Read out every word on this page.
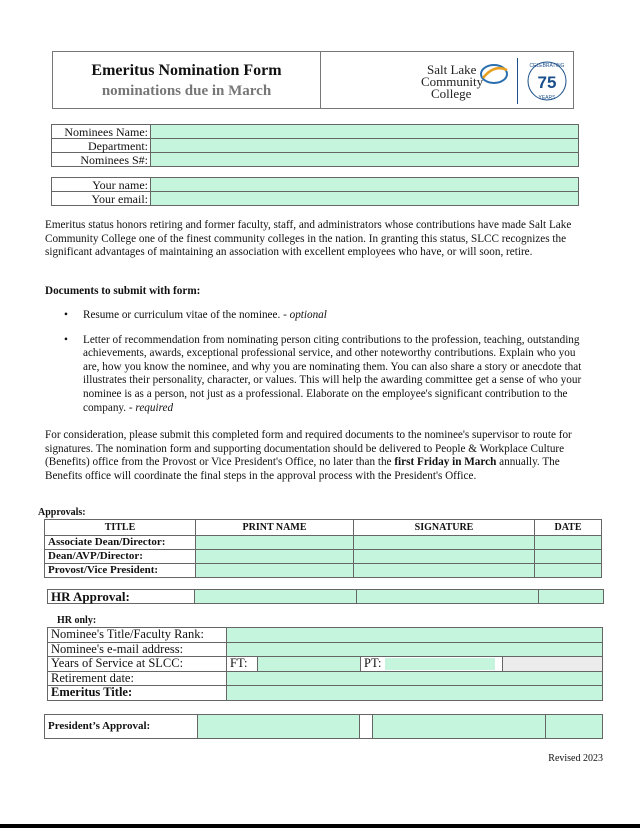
Emeritus Nomination Form
nominations due in March
Salt Lake
Community
College
CELEBRATING
75
YEARS
Nominees Name:	
Department:	
Nominees S#:	
Your name:	
Your email:	

Emeritus status honors retiring and former faculty, staff, and administrators whose contributions have made Salt Lake Community College one of the finest community colleges in the nation. In granting this status, SLCC recognizes the significant advantages of maintaining an association with excellent employees who have, or will soon, retire.

Documents to submit with form:

• Resume or curriculum vitae of the nominee. - optional
• Letter of recommendation from nominating person citing contributions to the profession, teaching, outstanding achievements, awards, exceptional professional service, and other noteworthy contributions. Explain who you are, how you know the nominee, and why you are nominating them. You can also share a story or anecdote that illustrates their personality, character, or values. This will help the awarding committee get a sense of who your nominee is as a person, not just as a professional. Elaborate on the employee's significant contribution to the company. - required

For consideration, please submit this completed form and required documents to the nominee's supervisor to route for signatures. The nomination form and supporting documentation should be delivered to People & Workplace Culture (Benefits) office from the Provost or Vice President's Office, no later than the first Friday in March annually. The Benefits office will coordinate the final steps in the approval process with the President's Office.

Approvals:
TITLE	PRINT NAME	SIGNATURE	DATE
Associate Dean/Director:			
Dean/AVP/Director:			
Provost/Vice President:			
HR Approval:			
HR only:
Nominee's Title/Faculty Rank:				
Nominee's e-mail address:				
Years of Service at SLCC:	FT:		PT:	
Retirement date:				
Emeritus Title:				
President’s Approval:				
Revised 2023
